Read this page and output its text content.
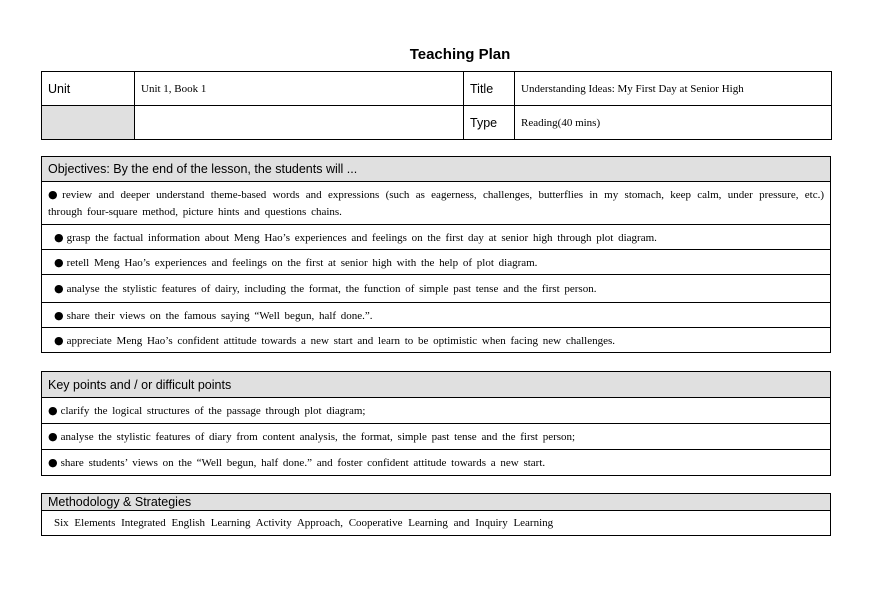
Teaching Plan
Unit	Unit 1, Book 1	Title	Understanding Ideas: My First Day at Senior High
		Type	Reading(40 mins)
Objectives: By the end of the lesson, the students will ...
● review and deeper understand theme-based words and expressions (such as eagerness, challenges, butterflies in my stomach, keep calm, under pressure, etc.) through four-square method, picture hints and questions chains.
● grasp the factual information about Meng Hao’s experiences and feelings on the first day at senior high through plot diagram.
● retell Meng Hao’s experiences and feelings on the first at senior high with the help of plot diagram.
● analyse the stylistic features of dairy, including the format, the function of simple past tense and the first person.
● share their views on the famous saying “Well begun, half done.”.
● appreciate Meng Hao’s confident attitude towards a new start and learn to be optimistic when facing new challenges.
Key points and / or difficult points
● clarify the logical structures of the passage through plot diagram;
● analyse the stylistic features of diary from content analysis, the format, simple past tense and the first person;
● share students’ views on the “Well begun, half done.” and foster confident attitude towards a new start.
Methodology & Strategies
Six Elements Integrated English Learning Activity Approach, Cooperative Learning and Inquiry Learning
